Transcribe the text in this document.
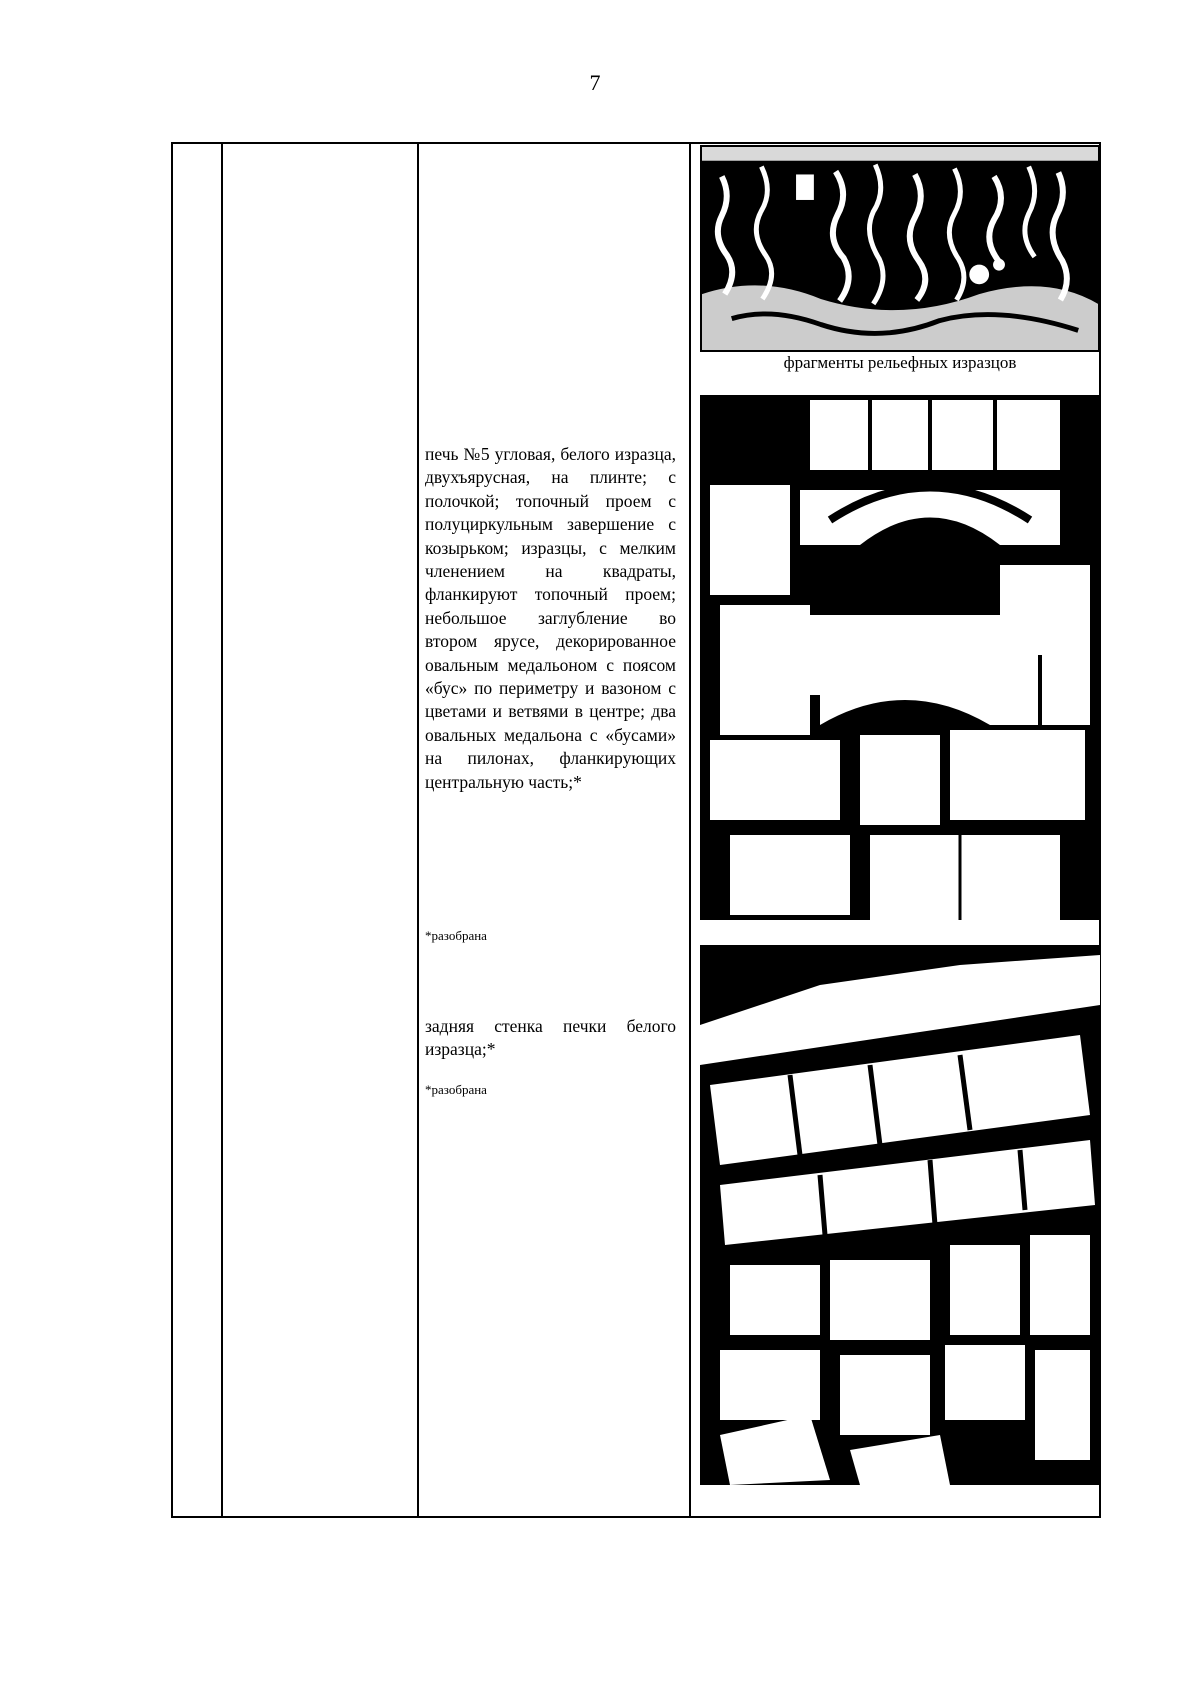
7
фрагменты рельефных изразцов

печь №5 угловая, белого изразца, двухъярусная, на плинте; с полочкой; топочный проем с полуциркульным завершение с козырьком; изразцы, с мелким членением на квадраты, фланкируют топочный проем; небольшое заглубление во втором ярусе, декорированное овальным медальоном с поясом «бус» по периметру и вазоном с цветами и ветвями в центре; два овальных медальона с «бусами» на пилонах, фланкирующих центральную часть;*

*разобрана

задняя стенка печки белого изразца;*

*разобрана
